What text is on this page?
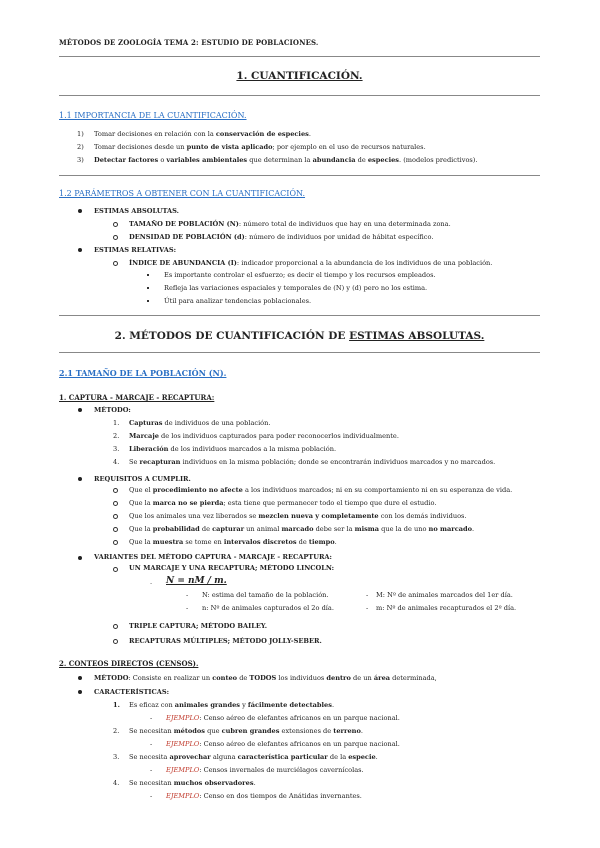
MÉTODOS DE ZOOLOGÍA TEMA 2: ESTUDIO DE POBLACIONES.
1. CUANTIFICACIÓN.
1.1 IMPORTANCIA DE LA CUANTIFICACIÓN.
1) Tomar decisiones en relación con la conservación de especies.
2) Tomar decisiones desde un punto de vista aplicado; por ejemplo en el uso de recursos naturales.
3) Detectar factores o variables ambientales que determinan la abundancia de especies. (modelos predictivos).
1.2 PARÁMETROS A OBTENER CON LA CUANTIFICACIÓN.
ESTIMAS ABSOLUTAS.
TAMAÑO DE POBLACIÓN (N): número total de individuos que hay en una determinada zona.
DENSIDAD DE POBLACIÓN (d): número de individuos por unidad de hábitat específico.
ESTIMAS RELATIVAS:
ÍNDICE DE ABUNDANCIA (I): indicador proporcional a la abundancia de los individuos de una población.
Es importante controlar el esfuerzo; es decir el tiempo y los recursos empleados.
Refleja las variaciones espaciales y temporales de (N) y (d) pero no los estima.
Útil para analizar tendencias poblacionales.
2. MÉTODOS DE CUANTIFICACIÓN DE ESTIMAS ABSOLUTAS.
2.1 TAMAÑO DE LA POBLACIÓN (N).
1. CAPTURA - MARCAJE - RECAPTURA:
MÉTODO:
1. Capturas de individuos de una población.
2. Marcaje de los individuos capturados para poder reconocerlos individualmente.
3. Liberación de los individuos marcados a la misma población.
4. Se recapturan individuos en la misma población; donde se encontrarán individuos marcados y no marcados.
REQUISITOS A CUMPLIR.
Que el procedimiento no afecte a los individuos marcados; ni en su comportamiento ni en su esperanza de vida.
Que la marca no se pierda; esta tiene que permanecer todo el tiempo que dure el estudio.
Que los animales una vez liberados se mezclen nueva y completamente con los demás individuos.
Que la probabilidad de capturar un animal marcado debe ser la misma que la de uno no marcado.
Que la muestra se tome en intervalos discretos de tiempo.
VARIANTES DEL MÉTODO CAPTURA - MARCAJE - RECAPTURA:
UN MARCAJE Y UNA RECAPTURA; MÉTODO LINCOLN:
. N = nM / m.
- N: estima del tamaño de la población.	- M: Nº de animales marcados del 1er día.
- n: Nº de animales capturados el 2o día.	- m: Nº de animales recapturados el 2º día.
TRIPLE CAPTURA; MÉTODO BAILEY.
RECAPTURAS MÚLTIPLES; MÉTODO JOLLY-SEBER.
2. CONTEOS DIRECTOS (CENSOS).
MÉTODO: Consiste en realizar un conteo de TODOS los individuos dentro de un área determinada,
CARACTERÍSTICAS:
1. Es eficaz con animales grandes y fácilmente detectables.
- EJEMPLO: Censo aéreo de elefantes africanos en un parque nacional.
2. Se necesitan métodos que cubren grandes extensiones de terreno.
- EJEMPLO: Censo aéreo de elefantes africanos en un parque nacional.
3. Se necesita aprovechar alguna característica particular de la especie.
- EJEMPLO: Censos invernales de murciélagos cavernícolas.
4. Se necesitan muchos observadores.
- EJEMPLO: Censo en dos tiempos de Anátidas invernantes.
